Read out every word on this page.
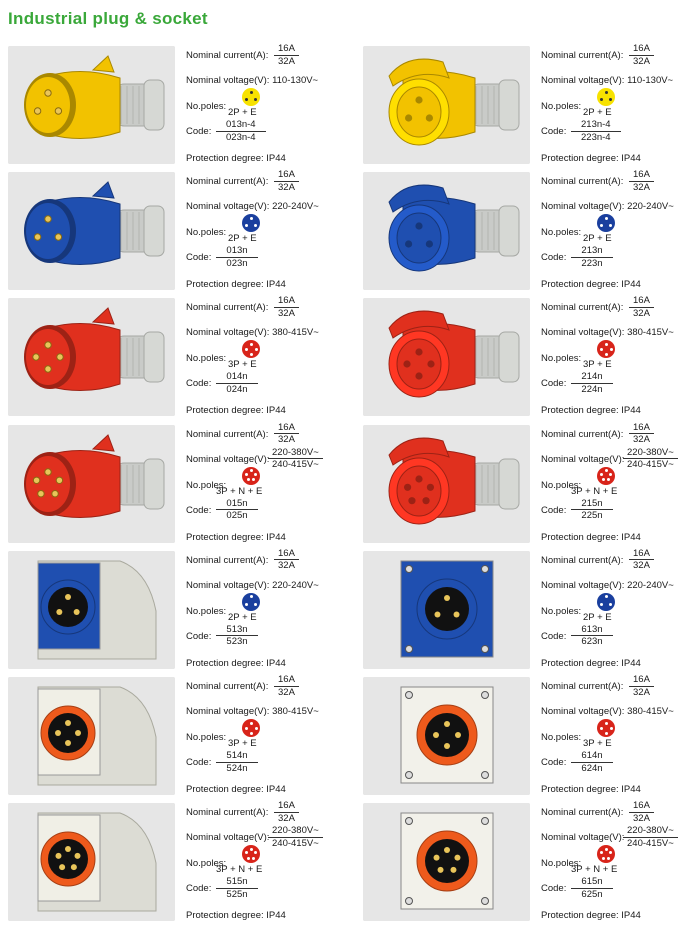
Industrial plug & socket
Nominal current(A): $\frac{16A}{32A}$
Nominal voltage(V): 110-130V~
No.poles:
2P + E
Code: $\frac{013n-4}{023n-4}$
Protection degree: IP44
Nominal current(A): $\frac{16A}{32A}$
Nominal voltage(V): 110-130V~
No.poles:
2P + E
Code: $\frac{213n-4}{223n-4}$
Protection degree: IP44
Nominal current(A): $\frac{16A}{32A}$
Nominal voltage(V): 220-240V~
No.poles:
2P + E
Code: $\frac{013n}{023n}$
Protection degree: IP44
Nominal current(A): $\frac{16A}{32A}$
Nominal voltage(V): 220-240V~
No.poles:
2P + E
Code: $\frac{213n}{223n}$
Protection degree: IP44
Nominal current(A): $\frac{16A}{32A}$
Nominal voltage(V): 380-415V~
No.poles:
3P + E
Code: $\frac{014n}{024n}$
Protection degree: IP44
Nominal current(A): $\frac{16A}{32A}$
Nominal voltage(V): 380-415V~
No.poles:
3P + E
Code: $\frac{214n}{224n}$
Protection degree: IP44
Nominal current(A): $\frac{16A}{32A}$
Nominal voltage(V):
$\frac{220-380V\sim}{240-415V\sim}$
No.poles:
3P + N + E
Code: $\frac{015n}{025n}$
Protection degree: IP44
Nominal current(A): $\frac{16A}{32A}$
Nominal voltage(V):
$\frac{220-380V\sim}{240-415V\sim}$
No.poles:
3P + N + E
Code: $\frac{215n}{225n}$
Protection degree: IP44
Nominal current(A): $\frac{16A}{32A}$
Nominal voltage(V): 220-240V~
No.poles:
2P + E
Code: $\frac{513n}{523n}$
Protection degree: IP44
Nominal current(A): $\frac{16A}{32A}$
Nominal voltage(V): 220-240V~
No.poles:
2P + E
Code: $\frac{613n}{623n}$
Protection degree: IP44
Nominal current(A): $\frac{16A}{32A}$
Nominal voltage(V): 380-415V~
No.poles:
3P + E
Code: $\frac{514n}{524n}$
Protection degree: IP44
Nominal current(A): $\frac{16A}{32A}$
Nominal voltage(V): 380-415V~
No.poles:
3P + E
Code: $\frac{614n}{624n}$
Protection degree: IP44
Nominal current(A): $\frac{16A}{32A}$
Nominal voltage(V):
$\frac{220-380V\sim}{240-415V\sim}$
No.poles:
3P + N + E
Code: $\frac{515n}{525n}$
Protection degree: IP44
Nominal current(A): $\frac{16A}{32A}$
Nominal voltage(V):
$\frac{220-380V\sim}{240-415V\sim}$
No.poles:
3P + N + E
Code: $\frac{615n}{625n}$
Protection degree: IP44
